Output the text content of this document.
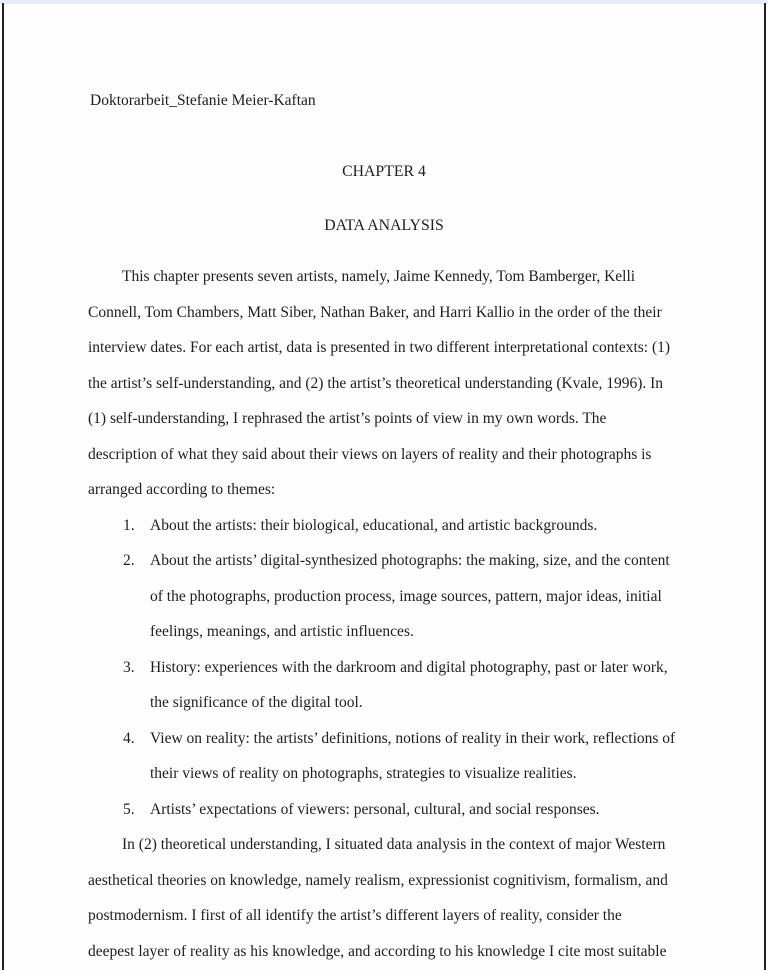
Doktorarbeit_Stefanie Meier-Kaftan
CHAPTER 4
DATA ANALYSIS
This chapter presents seven artists, namely, Jaime Kennedy, Tom Bamberger, Kelli
Connell, Tom Chambers, Matt Siber, Nathan Baker, and Harri Kallio in the order of the their
interview dates. For each artist, data is presented in two different interpretational contexts: (1)
the artist’s self-understanding, and (2) the artist’s theoretical understanding (Kvale, 1996). In
(1) self-understanding, I rephrased the artist’s points of view in my own words. The
description of what they said about their views on layers of reality and their photographs is
arranged according to themes:
1. About the artists: their biological, educational, and artistic backgrounds.
2. About the artists’ digital-synthesized photographs: the making, size, and the content
of the photographs, production process, image sources, pattern, major ideas, initial
feelings, meanings, and artistic influences.
3. History: experiences with the darkroom and digital photography, past or later work,
the significance of the digital tool.
4. View on reality: the artists’ definitions, notions of reality in their work, reflections of
their views of reality on photographs, strategies to visualize realities.
5. Artists’ expectations of viewers: personal, cultural, and social responses.
In (2) theoretical understanding, I situated data analysis in the context of major Western
aesthetical theories on knowledge, namely realism, expressionist cognitivism, formalism, and
postmodernism. I first of all identify the artist’s different layers of reality, consider the
deepest layer of reality as his knowledge, and according to his knowledge I cite most suitable
